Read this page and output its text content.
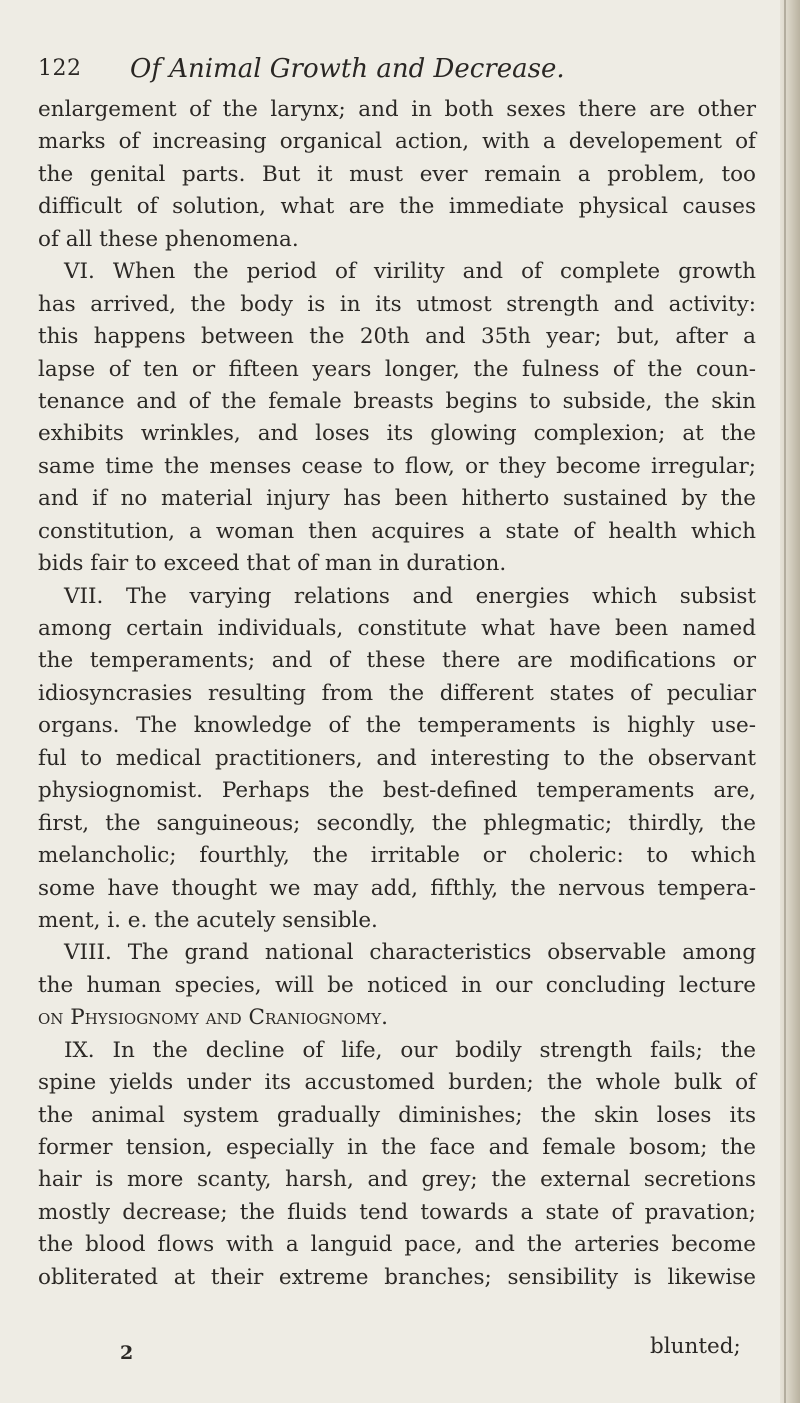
122 Of Animal Growth and Decrease.
enlargement of the larynx; and in both sexes there are other
marks of increasing organical action, with a developement of
the genital parts. But it must ever remain a problem, too
difficult of solution, what are the immediate physical causes
of all these phenomena.
VI. When the period of virility and of complete growth
has arrived, the body is in its utmost strength and activity:
this happens between the 20th and 35th year; but, after a
lapse of ten or fifteen years longer, the fulness of the coun-
tenance and of the female breasts begins to subside, the skin
exhibits wrinkles, and loses its glowing complexion; at the
same time the menses cease to flow, or they become irregular;
and if no material injury has been hitherto sustained by the
constitution, a woman then acquires a state of health which
bids fair to exceed that of man in duration.
VII. The varying relations and energies which subsist
among certain individuals, constitute what have been named
the temperaments; and of these there are modifications or
idiosyncrasies resulting from the different states of peculiar
organs. The knowledge of the temperaments is highly use-
ful to medical practitioners, and interesting to the observant
physiognomist. Perhaps the best-defined temperaments are,
first, the sanguineous; secondly, the phlegmatic; thirdly, the
melancholic; fourthly, the irritable or choleric: to which
some have thought we may add, fifthly, the nervous tempera-
ment, i. e. the acutely sensible.
VIII. The grand national characteristics observable among
the human species, will be noticed in our concluding lecture
on Physiognomy and Craniognomy.
IX. In the decline of life, our bodily strength fails; the
spine yields under its accustomed burden; the whole bulk of
the animal system gradually diminishes; the skin loses its
former tension, especially in the face and female bosom; the
hair is more scanty, harsh, and grey; the external secretions
mostly decrease; the fluids tend towards a state of pravation;
the blood flows with a languid pace, and the arteries become
obliterated at their extreme branches; sensibility is likewise
2	blunted;
